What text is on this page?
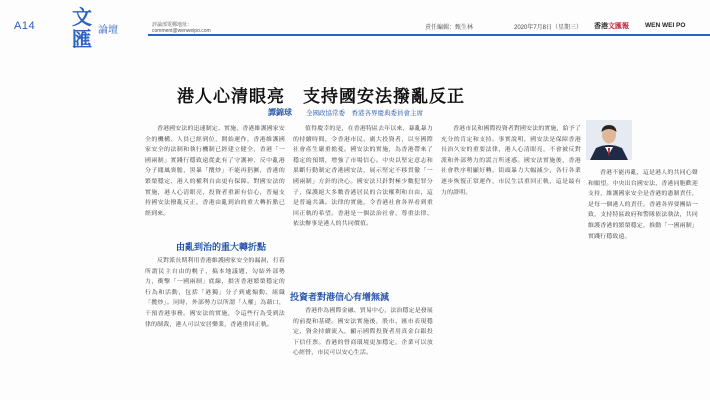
A14 文匯 論壇	評論部電郵地址：
comment@wenweipo.com	責任編輯：甄生林	2020年7月8日（星期三） 香港文匯報 WEN WEI PO
港人心清眼亮　支持國安法撥亂反正
譚錦球 全國政協常委　香港各界慶典委員會主席

香港國安法的迅速制定、實施，香港維護國家安全的機構、人員已經到位，開始運作，香港維護國家安全的法制和執行機制已經建立健全，香港「一國兩制」實踐行穩致遠從此有了守護神，反中亂港分子聞風喪膽，黑暴「攬炒」不能再猖獗，香港的繁榮穩定、港人的權利自由更有保障。對國安法的實施，港人心清眼亮，投資者重新有信心，普遍支持國安法撥亂反正，香港由亂到治的重大轉折點已經到來。

由亂到治的重大轉折點

反對派長期利用香港維護國家安全的漏洞，打着所謂民主自由的幌子，搞本地議題，勾結外部勢力，衝擊「一國兩制」底線，損害香港繁榮穩定的行為和活動，包括「港獨」分子到處煽動、組織「攬炒」。同時，外部勢力以所謂「人權」為藉口，干預香港事務。國安法的實施，令這些行為受到法律的制裁，港人可以安居樂業，香港重回正軌。

值得慶幸的是，在香港特區去年以來，暴亂暴力的持續時間，令香港市民、廣大投資者，以至國際社會產生嚴重擔憂。國安法的實施，為香港帶來了穩定的預期，增強了市場信心。中央以堅定意志和果斷行動制定香港國安法，展示堅定不移貫徹「一國兩制」方針的決心。國安法只針對極少數犯罪分子，保護絕大多數香港居民的合法權利和自由，這是普遍共識。法律的實施，令香港社會各界看到重回正軌的希望。香港是一個法治社會，尊重法律、依法辦事是港人的共同價值。

投資者對港信心有增無減

香港作為國際金融、貿易中心，法治穩定是發展的前提和基礎。國安法實施後，股市、匯市表現穩定，資金持續流入，顯示國際投資者用真金白銀投下信任票。香港的營商環境更加穩定，企業可以放心經營，市民可以安心生活。

香港市民和國際投資者對國安法的實施，給予了充分的肯定和支持。事實說明，國安法是保障香港長治久安的重要法律，港人心清眼亮，不會被反對派和外部勢力的謊言所迷惑。國安法實施後，香港社會秩序明顯好轉，街頭暴力大幅減少，各行各業逐步恢復正常運作，市民生活重回正軌，這是最有力的證明。

香港不能再亂，這是港人的共同心聲和願望。中央出台國安法，香港同胞歡迎支持，維護國家安全是香港的憲制責任，是每一個港人的責任。香港各界要團結一致，支持特區政府和警隊依法執法，共同維護香港的繁榮穩定，推動「一國兩制」實踐行穩致遠。
